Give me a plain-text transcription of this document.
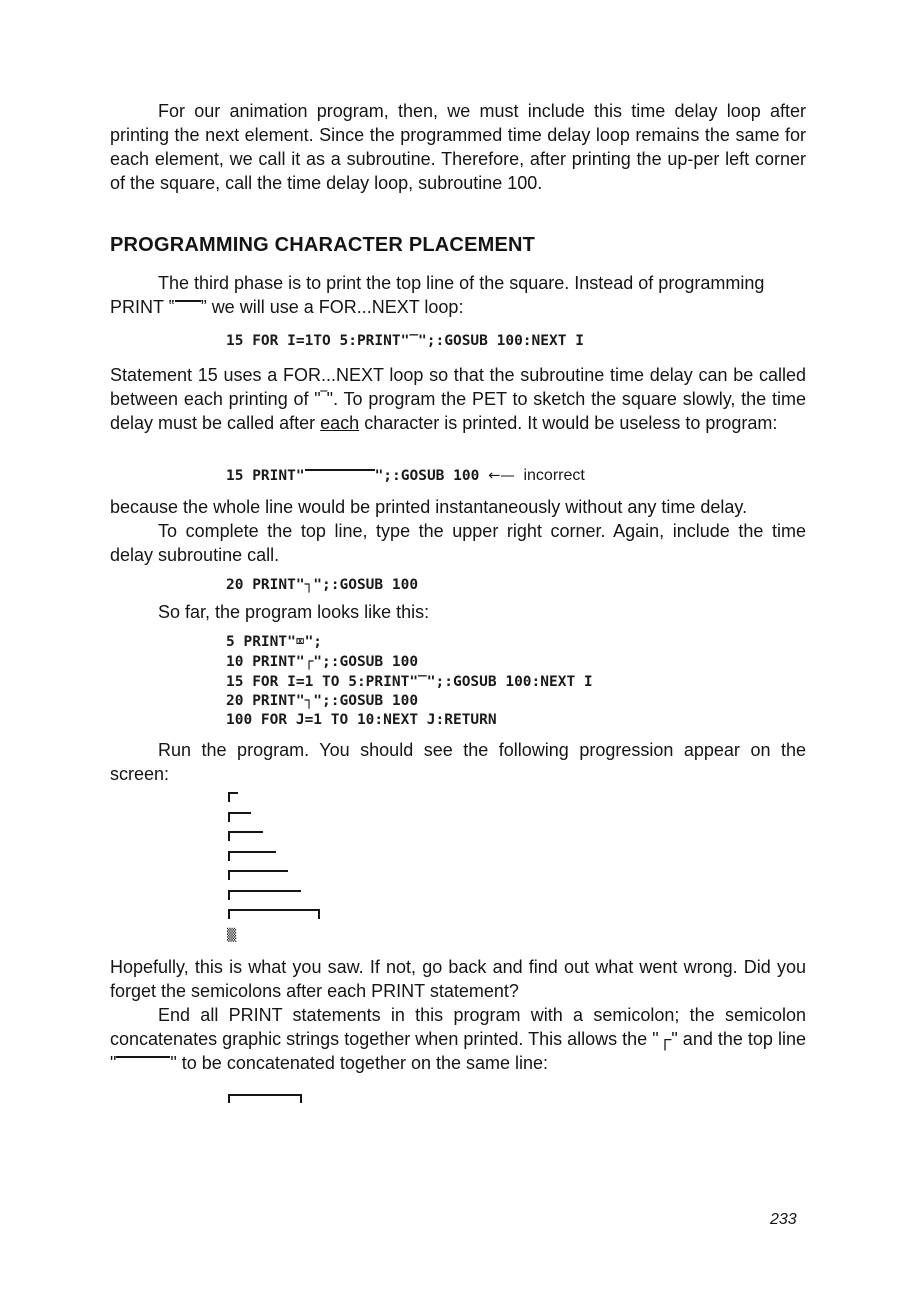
For our animation program, then, we must include this time delay loop after printing the next element. Since the programmed time delay loop remains the same for each element, we call it as a subroutine. Therefore, after printing the up-per left corner of the square, call the time delay loop, subroutine 100.

PROGRAMMING CHARACTER PLACEMENT

The third phase is to print the top line of the square. Instead of programming

PRINT ‟ ” we will use a FOR...NEXT loop:

15 FOR I=1TO 5:PRINT"‾";:GOSUB 100:NEXT I

Statement 15 uses a FOR...NEXT loop so that the subroutine time delay can be called between each printing of "‾". To program the PET to sketch the square slowly, the time delay must be called after each character is printed. It would be useless to program:

15 PRINT"	";:GOSUB 100 ←— incorrect

because the whole line would be printed instantaneously without any time delay.

To complete the top line, type the upper right corner. Again, include the time delay subroutine call.

20 PRINT"┐";:GOSUB 100

So far, the program looks like this:

5 PRINT"⌧";
10 PRINT"┌";:GOSUB 100
15 FOR I=1 TO 5:PRINT"‾";:GOSUB 100:NEXT I
20 PRINT"┐";:GOSUB 100
100 FOR J=1 TO 10:NEXT J:RETURN

Run the program. You should see the following progression appear on the screen:

▒

Hopefully, this is what you saw. If not, go back and find out what went wrong. Did you forget the semicolons after each PRINT statement?

End all PRINT statements in this program with a semicolon; the semicolon concatenates graphic strings together when printed. This allows the "┌" and the top line "	" to be concatenated together on the same line:

233
